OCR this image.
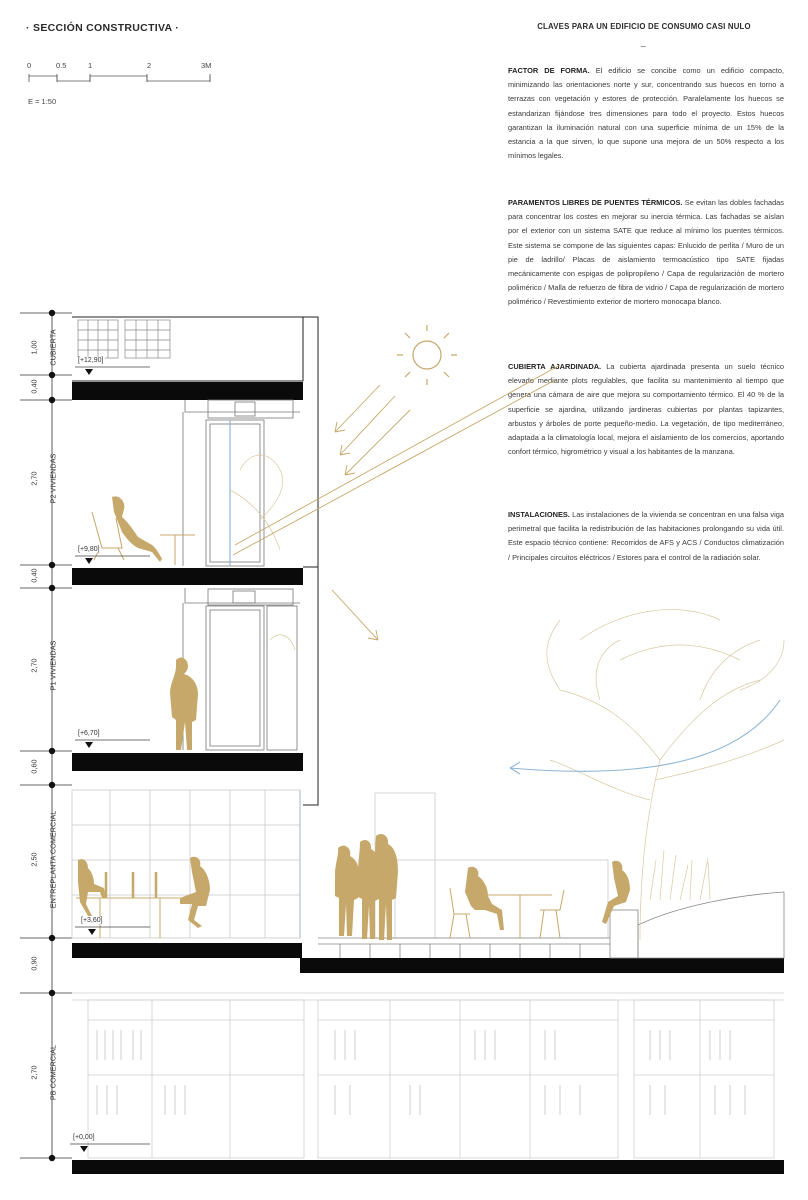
· SECCIÓN CONSTRUCTIVA ·
0	0.5	1	2	3M
E = 1:50
CLAVES PARA UN EDIFICIO DE CONSUMO CASI NULO
_
FACTOR DE FORMA. El edificio se concibe como un edificio compacto, minimizando las orientaciones norte y sur, concentrando sus huecos en torno a terrazas con vegetación y estores de protección. Paralelamente los huecos se estandarizan fijándose tres dimensiones para todo el proyecto. Estos huecos garantizan la iluminación natural con una superficie mínima de un 15% de la estancia a la que sirven, lo que supone una mejora de un 50% respecto a los mínimos legales.
PARAMENTOS LIBRES DE PUENTES TÉRMICOS. Se evitan las dobles fachadas para concentrar los costes en mejorar su inercia térmica. Las fachadas se aíslan por el exterior con un sistema SATE que reduce al mínimo los puentes térmicos. Este sistema se compone de las siguientes capas: Enlucido de perlita / Muro de un pie de ladrillo/ Placas de aislamiento termoacústico tipo SATE fijadas mecánicamente con espigas de polipropileno / Capa de regularización de mortero polimérico / Malla de refuerzo de fibra de vidrio / Capa de regularización de mortero polimérico / Revestimiento exterior de mortero monocapa blanco.
CUBIERTA AJARDINADA. La cubierta ajardinada presenta un suelo técnico elevado mediante plots regulables, que facilita su mantenimiento al tiempo que genera una cámara de aire que mejora su comportamiento térmico. El 40 % de la superficie se ajardina, utilizando jardineras cubiertas por plantas tapizantes, arbustos y árboles de porte pequeño-medio. La vegetación, de tipo mediterráneo, adaptada a la climatología local, mejora el aislamiento de los comercios, aportando confort térmico, higrométrico y visual a los habitantes de la manzana.
INSTALACIONES. Las instalaciones de la vivienda se concentran en una falsa viga perimetral que facilita la redistribución de las habitaciones prolongando su vida útil. Este espacio técnico contiene: Recorridos de AFS y ACS / Conductos climatización / Principales circuitos eléctricos / Estores para el control de la radiación solar.
[+12,90]
[+9,80]
[+6,70]
[+3,60]
[+0,00]
1,00 CUBIERTA
0,40
2,70 P2 VIVIENDAS
0,40
2,70 P1 VIVIENDAS
0,60
2,50 ENTREPLANTA COMERCIAL
0,90
2,70 PB COMERCIAL
